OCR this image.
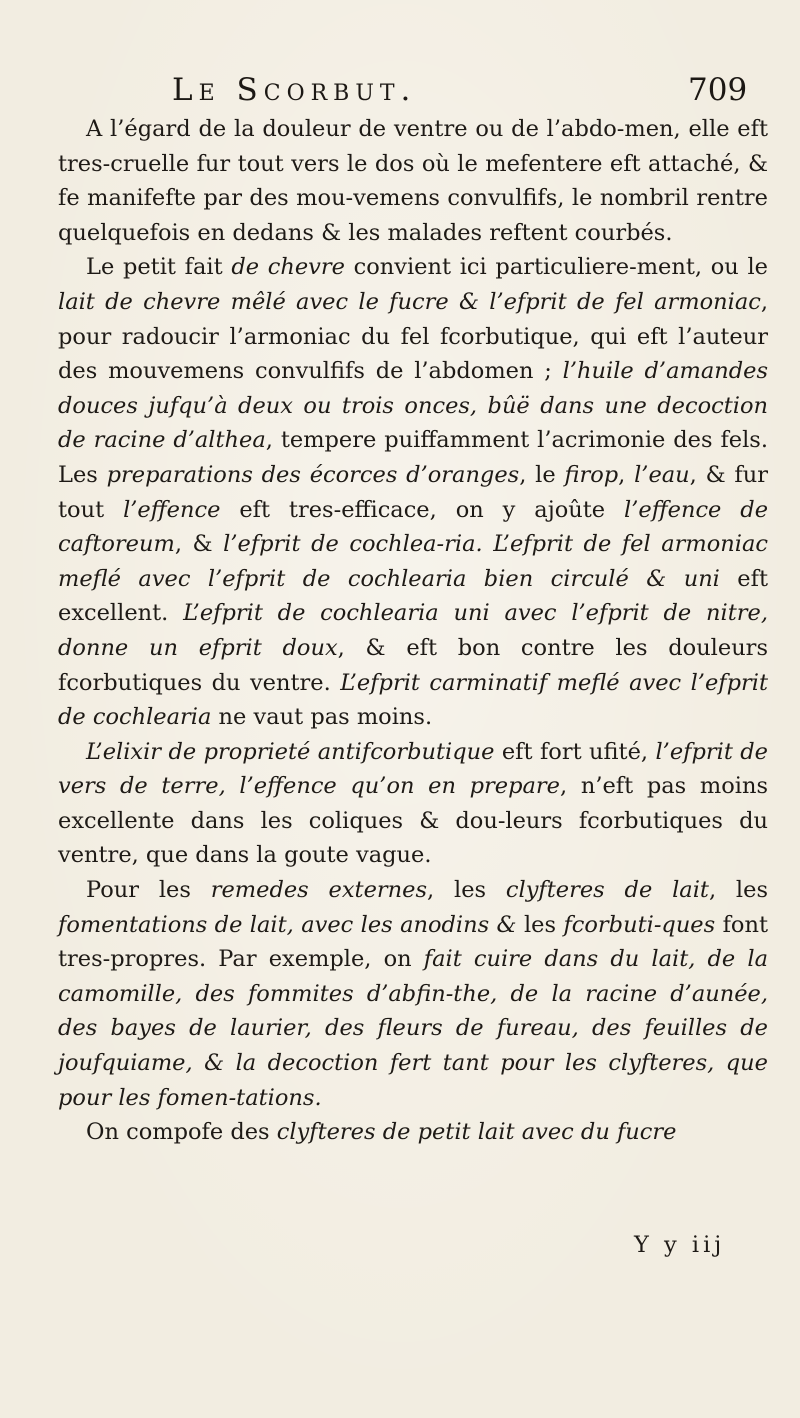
Le Scorbut.	709

A l’égard de la douleur de ventre ou de l’abdo-men, elle eft tres-cruelle fur tout vers le dos où le mefentere eft attaché, & fe manifefte par des mou-vemens convulfifs, le nombril rentre quelquefois en dedans & les malades reftent courbés.

Le petit fait de chevre convient ici particuliere-ment, ou le lait de chevre mêlé avec le fucre & l’efprit de fel armoniac, pour radoucir l’armoniac du fel fcorbutique, qui eft l’auteur des mouvemens convulfifs de l’abdomen ; l’huile d’amandes douces jufqu’à deux ou trois onces, bûë dans une decoction de racine d’althea, tempere puiffamment l’acrimonie des fels. Les preparations des écorces d’oranges, le firop, l’eau, & fur tout l’effence eft tres-efficace, on y ajoûte l’effence de caftoreum, & l’efprit de cochlea-ria. L’efprit de fel armoniac meflé avec l’efprit de cochlearia bien circulé & uni eft excellent. L’efprit de cochlearia uni avec l’efprit de nitre, donne un efprit doux, & eft bon contre les douleurs fcorbutiques du ventre. L’efprit carminatif meflé avec l’efprit de cochlearia ne vaut pas moins.

L’elixir de proprieté antifcorbutique eft fort ufité, l’efprit de vers de terre, l’effence qu’on en prepare, n’eft pas moins excellente dans les coliques & dou-leurs fcorbutiques du ventre, que dans la goute vague.

Pour les remedes externes, les clyfteres de lait, les fomentations de lait, avec les anodins & les fcorbuti-ques font tres-propres. Par exemple, on fait cuire dans du lait, de la camomille, des fommites d’abfin-the, de la racine d’aunée, des bayes de laurier, des fleurs de fureau, des feuilles de joufquiame, & la decoction fert tant pour les clyfteres, que pour les fomen-tations.

On compofe des clyfteres de petit lait avec du fucre

Y y iij
